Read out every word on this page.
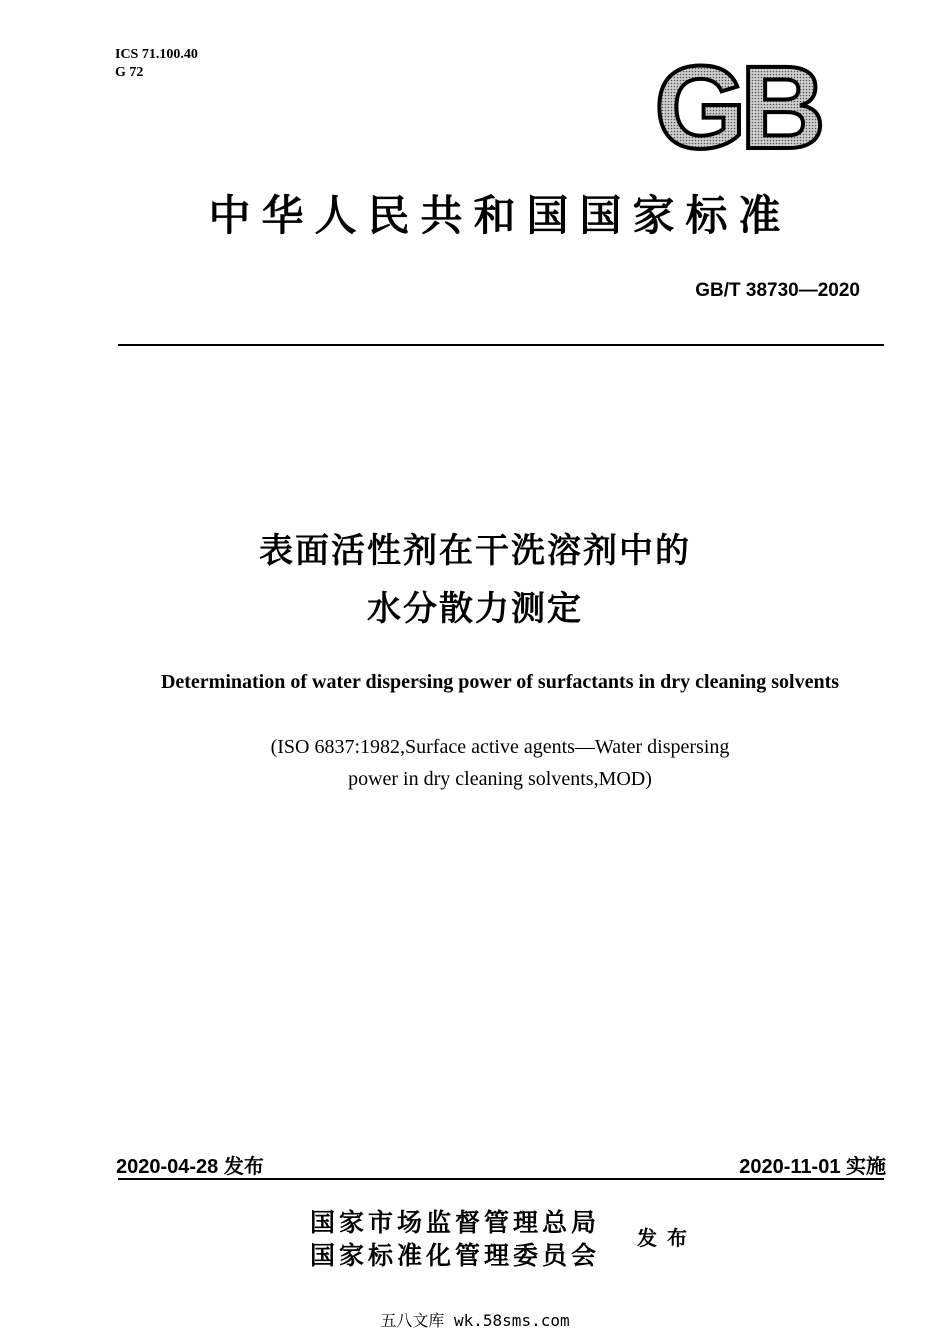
ICS 71.100.40
G 72	GB
中华人民共和国国家标准
GB/T 38730—2020
表面活性剂在干洗溶剂中的
水分散力测定
Determination of water dispersing power of surfactants in dry cleaning solvents
(ISO 6837:1982,Surface active agents—Water dispersing
power in dry cleaning solvents,MOD)
2020-04-28 发布	2020-11-01 实施
国家市场监督管理总局
国家标准化管理委员会
发布
五八文库 wk.58sms.com
